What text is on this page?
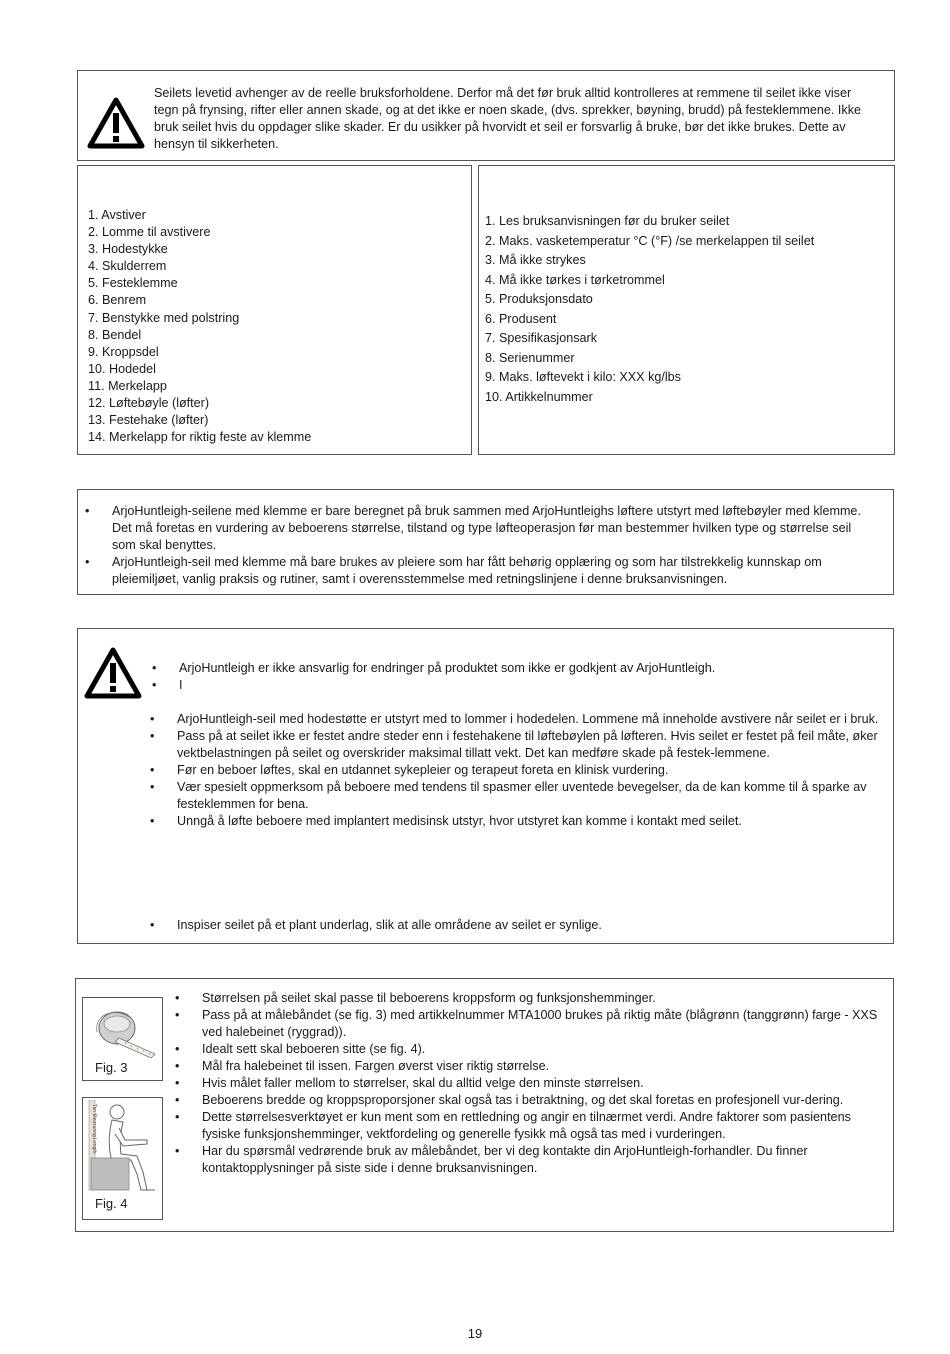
Seilets levetid avhenger av de reelle bruksforholdene. Derfor må det før bruk alltid kontrolleres at remmene til seilet ikke viser tegn på frynsing, rifter eller annen skade, og at det ikke er noen skade, (dvs. sprekker, bøyning, brudd) på festeklemmene. Ikke bruk seilet hvis du oppdager slike skader. Er du usikker på hvorvidt et seil er forsvarlig å bruke, bør det ikke brukes. Dette av hensyn til sikkerheten.
1. Avstiver
2. Lomme til avstivere
3. Hodestykke
4. Skulderrem
5. Festeklemme
6. Benrem
7. Benstykke med polstring
8. Bendel
9. Kroppsdel
10. Hodedel
11. Merkelapp
12. Løftebøyle (løfter)
13. Festehake (løfter)
14. Merkelapp for riktig feste av klemme
1. Les bruksanvisningen før du bruker seilet
2. Maks. vasketemperatur °C (°F) /se merkelappen til seilet
3. Må ikke strykes
4. Må ikke tørkes i tørketrommel
5. Produksjonsdato
6. Produsent
7. Spesifikasjonsark
8. Serienummer
9. Maks. løftevekt i kilo: XXX kg/lbs
10. Artikkelnummer
• ArjoHuntleigh-seilene med klemme er bare beregnet på bruk sammen med ArjoHuntleighs løftere utstyrt med løftebøyler med klemme. Det må foretas en vurdering av beboerens størrelse, tilstand og type løfteoperasjon før man bestemmer hvilken type og størrelse seil som skal benyttes.
• ArjoHuntleigh-seil med klemme må bare brukes av pleiere som har fått behørig opplæring og som har tilstrekkelig kunnskap om pleiemiljøet, vanlig praksis og rutiner, samt i overensstemmelse med retningslinjene i denne bruksanvisningen.
• ArjoHuntleigh er ikke ansvarlig for endringer på produktet som ikke er godkjent av ArjoHuntleigh.
• I
• ArjoHuntleigh-seil med hodestøtte er utstyrt med to lommer i hodedelen. Lommene må inneholde avstivere når seilet er i bruk.
• Pass på at seilet ikke er festet andre steder enn i festehakene til løftebøylen på løfteren. Hvis seilet er festet på feil måte, øker vektbelastningen på seilet og overskrider maksimal tillatt vekt. Det kan medføre skade på festek-lemmene.
• Før en beboer løftes, skal en utdannet sykepleier og terapeut foreta en klinisk vurdering.
• Vær spesielt oppmerksom på beboere med tendens til spasmer eller uventede bevegelser, da de kan komme til å sparke av festeklemmen for bena.
• Unngå å løfte beboere med implantert medisinsk utstyr, hvor utstyret kan komme i kontakt med seilet.
• Inspiser seilet på et plant underlag, slik at alle områdene av seilet er synlige.
Fig. 3
Tan Measuring Length
Fig. 4
• Størrelsen på seilet skal passe til beboerens kroppsform og funksjonshemminger.
• Pass på at målebåndet (se fig. 3) med artikkelnummer MTA1000 brukes på riktig måte (blågrønn (tanggrønn) farge - XXS ved halebeinet (ryggrad)).
• Idealt sett skal beboeren sitte (se fig. 4).
• Mål fra halebeinet til issen. Fargen øverst viser riktig størrelse.
• Hvis målet faller mellom to størrelser, skal du alltid velge den minste størrelsen.
• Beboerens bredde og kroppsproporsjoner skal også tas i betraktning, og det skal foretas en profesjonell vur-dering.
• Dette størrelsesverktøyet er kun ment som en rettledning og angir en tilnærmet verdi. Andre faktorer som pasientens fysiske funksjonshemminger, vektfordeling og generelle fysikk må også tas med i vurderingen.
• Har du spørsmål vedrørende bruk av målebåndet, ber vi deg kontakte din ArjoHuntleigh-forhandler. Du finner kontaktopplysninger på siste side i denne bruksanvisningen.
19
